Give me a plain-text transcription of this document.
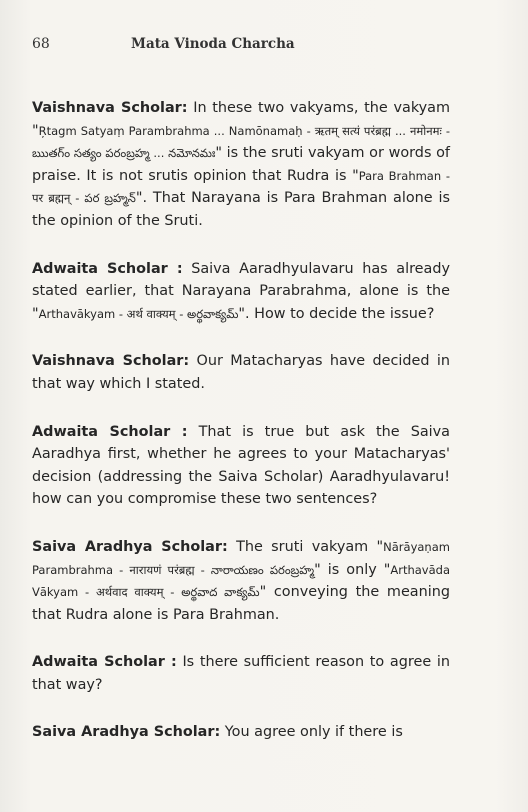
68	Mata Vinoda Charcha

Vaishnava Scholar: In these two vakyams, the vakyam "Ŗtagm Satyaṃ Parambrahma ... Namōnamaḥ - ऋतम् सत्यं परंब्रह्म ... नमोनमः - ఋతగ్ం సత్యం పరంబ్రహ్మ ... నమోనమః" is the sruti vakyam or words of praise. It is not srutis opinion that Rudra is "Para Brahman - पर ब्रह्मन् - పర బ్రహ్మన్". That Narayana is Para Brahman alone is the opinion of the Sruti.

Adwaita Scholar : Saiva Aaradhyulavaru has already stated earlier, that Narayana Parabrahma, alone is the "Arthavākyam - अर्थ वाक्यम् - అర్థవాక్యమ్". How to decide the issue?

Vaishnava Scholar: Our Matacharyas have decided in that way which I stated.

Adwaita Scholar : That is true but ask the Saiva Aaradhya first, whether he agrees to your Matacharyas' decision (addressing the Saiva Scholar) Aaradhyulavaru! how can you compromise these two sentences?

Saiva Aradhya Scholar: The sruti vakyam "Nārāyaṇam Parambrahma - नारायणं परंब्रह्म - నారాయణం పరంబ్రహ్మ" is only "Arthavāda Vākyam - अर्थवाद वाक्यम् - అర్థవాద వాక్యమ్" conveying the meaning that Rudra alone is Para Brahman.

Adwaita Scholar : Is there sufficient reason to agree in that way?

Saiva Aradhya Scholar: You agree only if there is
